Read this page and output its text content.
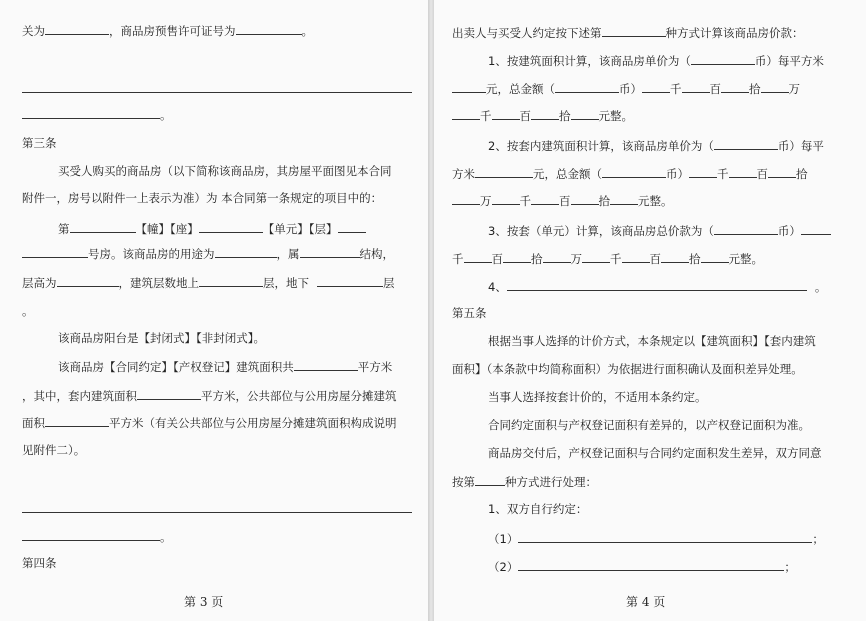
关为	，商品房预售许可证号为	。
。
第三条
买受人购买的商品房（以下简称该商品房，其房屋平面图见本合同
附件一，房号以附件一上表示为准）为 本合同第一条规定的项目中的：
第	【幢】【座】	【单元】【层】
号房。该商品房的用途为	，属	结构，
层高为	，建筑层数地上	层，地下	层
。
该商品房阳台是【封闭式】【非封闭式】。
该商品房【合同约定】【产权登记】建筑面积共	平方米
，其中，套内建筑面积	平方米，公共部位与公用房屋分摊建筑
面积	平方米（有关公共部位与公用房屋分摊建筑面积构成说明
见附件二）。
。
第四条
第 3 页
出卖人与买受人约定按下述第	种方式计算该商品房价款：
1、按建筑面积计算，该商品房单价为（	币）每平方米
元，总金额（	币） 千 百 拾 万
千 百 拾 元整。
2、按套内建筑面积计算，该商品房单价为（	币）每平
方米	元，总金额（	币） 千 百 拾
万 千 百 拾 元整。
3、按套（单元）计算，该商品房总价款为（	币）
千 百 拾 万 千 百 拾 元整。
4、	。
第五条
根据当事人选择的计价方式，本条规定以【建筑面积】【套内建筑
面积】（本条款中均简称面积）为依据进行面积确认及面积差异处理。
当事人选择按套计价的，不适用本条约定。
合同约定面积与产权登记面积有差异的，以产权登记面积为准。
商品房交付后，产权登记面积与合同约定面积发生差异，双方同意
按第	种方式进行处理：
1、双方自行约定：
（1）	；
（2）	；
第 4 页
